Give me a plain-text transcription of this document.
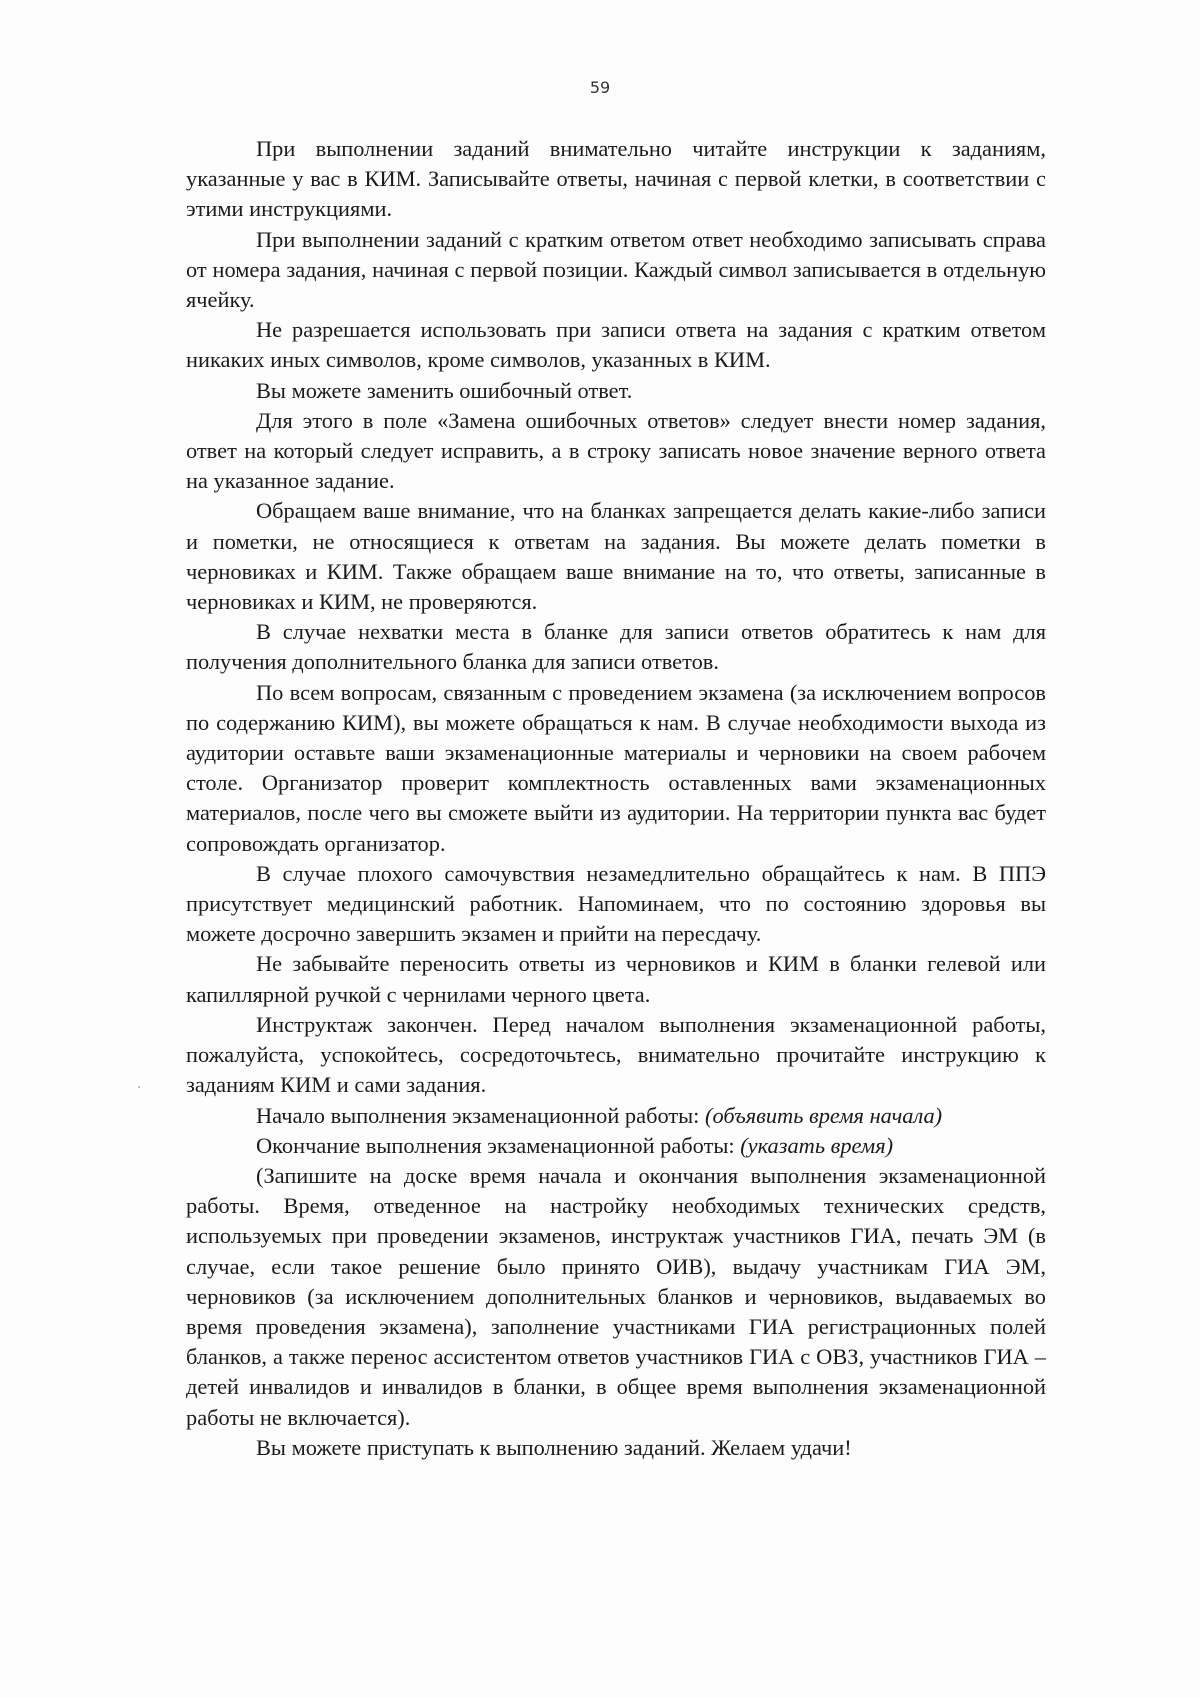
59

При выполнении заданий внимательно читайте инструкции к заданиям, указанные у вас в КИМ. Записывайте ответы, начиная с первой клетки, в соответствии с этими инструкциями.

При выполнении заданий с кратким ответом ответ необходимо записывать справа от номера задания, начиная с первой позиции. Каждый символ записывается в отдельную ячейку.

Не разрешается использовать при записи ответа на задания с кратким ответом никаких иных символов, кроме символов, указанных в КИМ.

Вы можете заменить ошибочный ответ.

Для этого в поле «Замена ошибочных ответов» следует внести номер задания, ответ на который следует исправить, а в строку записать новое значение верного ответа на указанное задание.

Обращаем ваше внимание, что на бланках запрещается делать какие-либо записи и пометки, не относящиеся к ответам на задания. Вы можете делать пометки в черновиках и КИМ. Также обращаем ваше внимание на то, что ответы, записанные в черновиках и КИМ, не проверяются.

В случае нехватки места в бланке для записи ответов обратитесь к нам для получения дополнительного бланка для записи ответов.

По всем вопросам, связанным с проведением экзамена (за исключением вопросов по содержанию КИМ), вы можете обращаться к нам. В случае необходимости выхода из аудитории оставьте ваши экзаменационные материалы и черновики на своем рабочем столе. Организатор проверит комплектность оставленных вами экзаменационных материалов, после чего вы сможете выйти из аудитории. На территории пункта вас будет сопровождать организатор.

В случае плохого самочувствия незамедлительно обращайтесь к нам. В ППЭ присутствует медицинский работник. Напоминаем, что по состоянию здоровья вы можете досрочно завершить экзамен и прийти на пересдачу.

Не забывайте переносить ответы из черновиков и КИМ в бланки гелевой или капиллярной ручкой с чернилами черного цвета.

Инструктаж закончен. Перед началом выполнения экзаменационной работы, пожалуйста, успокойтесь, сосредоточьтесь, внимательно прочитайте инструкцию к заданиям КИМ и сами задания.

Начало выполнения экзаменационной работы: (объявить время начала)

Окончание выполнения экзаменационной работы: (указать время)

(Запишите на доске время начала и окончания выполнения экзаменационной работы. Время, отведенное на настройку необходимых технических средств, используемых при проведении экзаменов, инструктаж участников ГИА, печать ЭМ (в случае, если такое решение было принято ОИВ), выдачу участникам ГИА ЭМ, черновиков (за исключением дополнительных бланков и черновиков, выдаваемых во время проведения экзамена), заполнение участниками ГИА регистрационных полей бланков, а также перенос ассистентом ответов участников ГИА с ОВЗ, участников ГИА – детей инвалидов и инвалидов в бланки, в общее время выполнения экзаменационной работы не включается).

Вы можете приступать к выполнению заданий. Желаем удачи!
